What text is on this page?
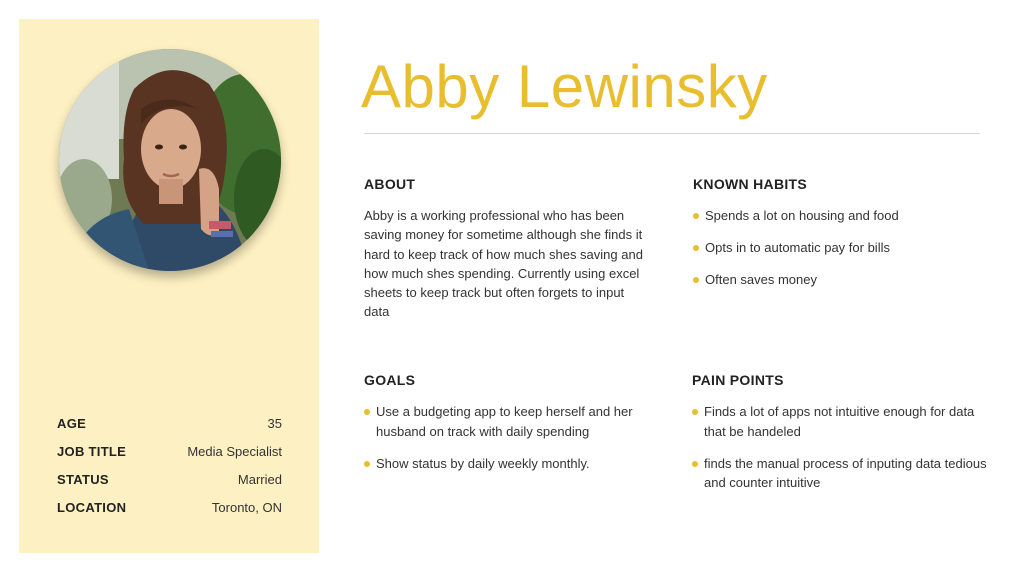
AGE	35
JOB TITLE	Media Specialist
STATUS	Married
LOCATION	Toronto, ON
Abby Lewinsky
ABOUT

Abby is a working professional who has been saving money for sometime although she finds it hard to keep track of how much shes saving and how much shes spending. Currently using excel sheets to keep track but often forgets to input data

KNOWN HABITS
Spends a lot on housing and food
Opts in to automatic pay for bills
Often saves money
GOALS
Use a budgeting app to keep herself and her husband on track with daily spending
Show status by daily weekly monthly.
PAIN POINTS
Finds a lot of apps not intuitive enough for data that be handeled
finds the manual process of inputing data tedious and counter intuitive
